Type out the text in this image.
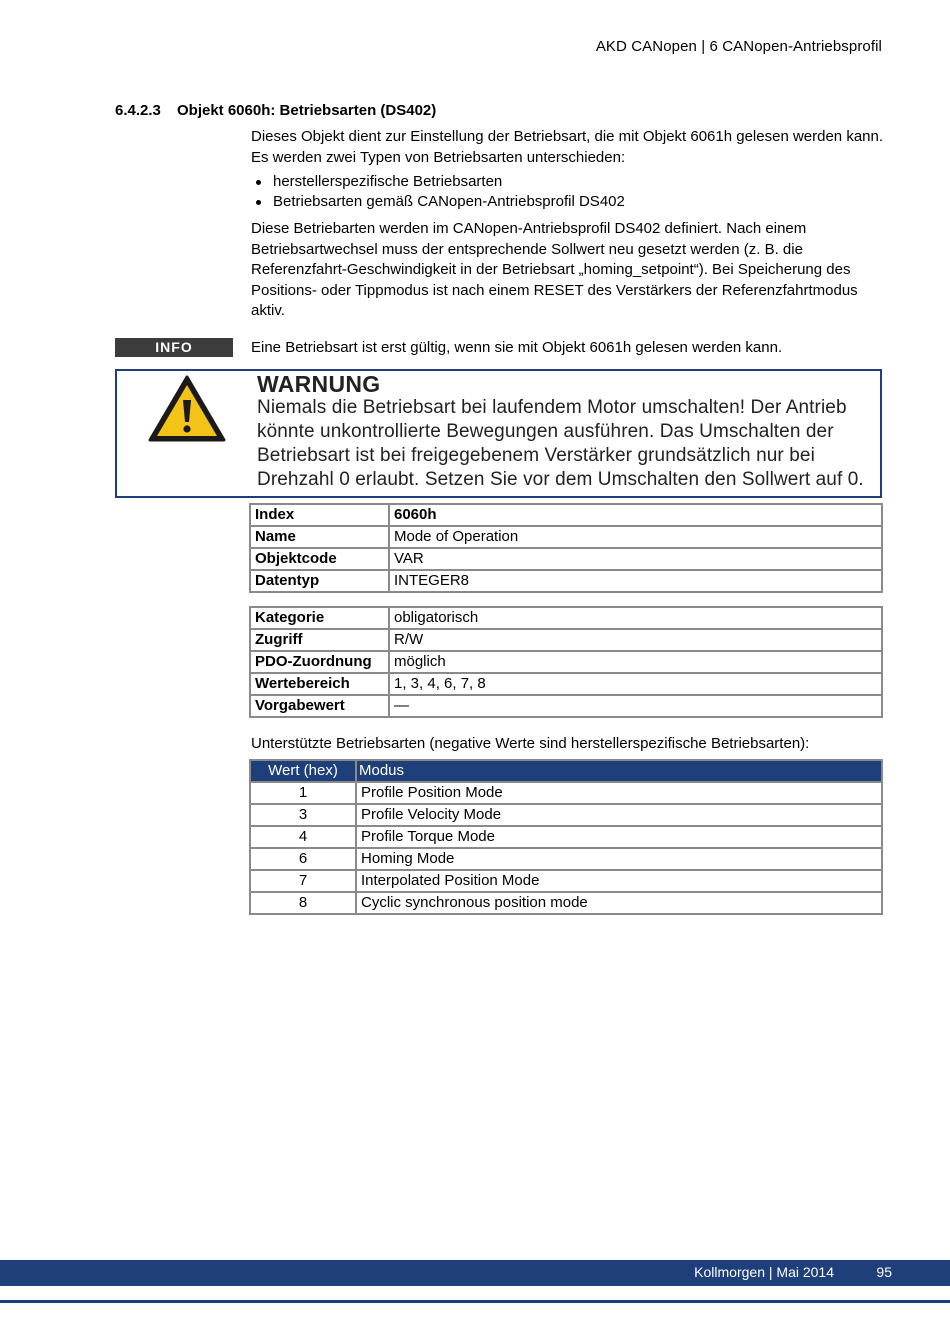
AKD CANopen | 6 CANopen-Antriebsprofil
6.4.2.3 Objekt 6060h: Betriebsarten (DS402)
Dieses Objekt dient zur Einstellung der Betriebsart, die mit Objekt 6061h gelesen werden kann. Es werden zwei Typen von Betriebsarten unterschieden:
herstellerspezifische Betriebsarten
Betriebsarten gemäß CANopen-Antriebsprofil DS402
Diese Betriebarten werden im CANopen-Antriebsprofil DS402 definiert. Nach einem Betriebsartwechsel muss der entsprechende Sollwert neu gesetzt werden (z. B. die Referenzfahrt-Geschwindigkeit in der Betriebsart „homing_setpoint“). Bei Speicherung des Positions- oder Tippmodus ist nach einem RESET des Verstärkers der Referenzfahrtmodus aktiv.
INFO	Eine Betriebsart ist erst gültig, wenn sie mit Objekt 6061h gelesen werden kann.
WARNUNG
Niemals die Betriebsart bei laufendem Motor umschalten! Der Antrieb könnte unkontrollierte Bewegungen ausführen. Das Umschalten der Betriebsart ist bei freigegebenem Verstärker grundsätzlich nur bei Drehzahl 0 erlaubt. Setzen Sie vor dem Umschalten den Sollwert auf 0.
Index	6060h
Name	Mode of Operation
Objektcode	VAR
Datentyp	INTEGER8
Kategorie	obligatorisch
Zugriff	R/W
PDO-Zuordnung	möglich
Wertebereich	1, 3, 4, 6, 7, 8
Vorgabewert	—
Unterstützte Betriebsarten (negative Werte sind herstellerspezifische Betriebsarten):
Wert (hex)	Modus
1	Profile Position Mode
3	Profile Velocity Mode
4	Profile Torque Mode
6	Homing Mode
7	Interpolated Position Mode
8	Cyclic synchronous position mode
Kollmorgen | Mai 2014	95
